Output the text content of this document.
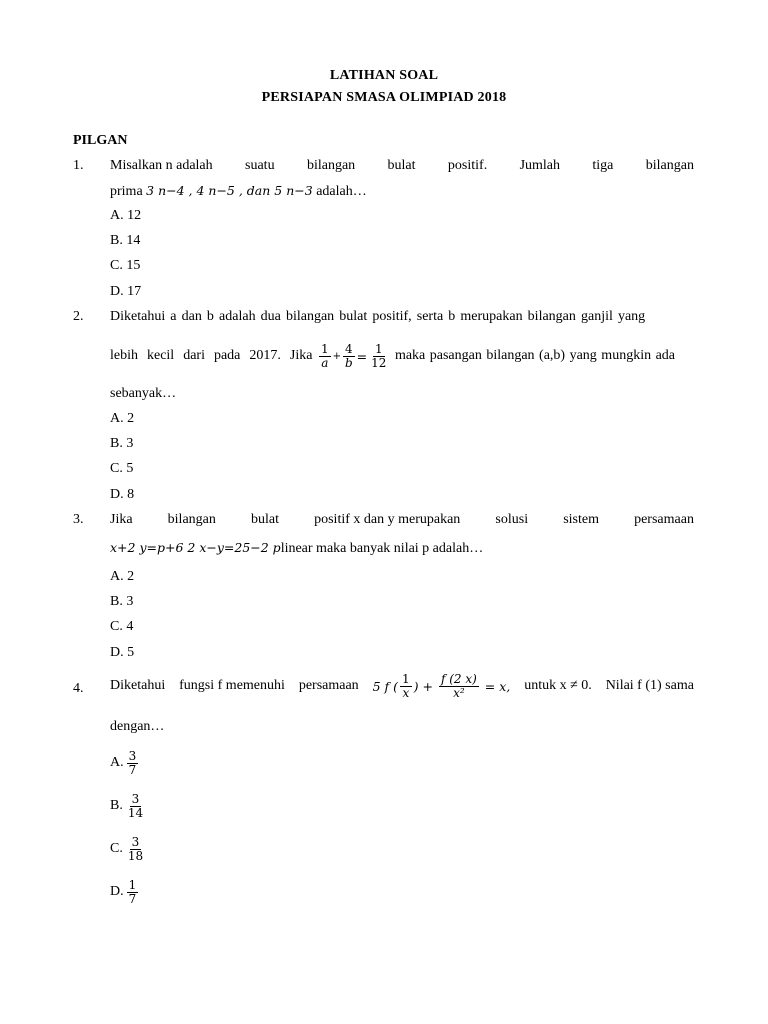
LATIHAN SOAL
PERSIAPAN SMASA OLIMPIAD 2018
PILGAN
1. Misalkan n adalah suatu bilangan bulat positif. Jumlah tiga bilangan
prima 3 n−4 , 4 n−5 , dan 5 n−3 adalah…
A. 12
B. 14
C. 15
D. 17
2. Diketahui a dan b adalah dua bilangan bulat positif, serta b merupakan bilangan ganjil yang
lebih  kecil  dari  pada  2017.  Jika $\frac{1}{a} + \frac{4}{b} = \frac{1}{12}$ maka pasangan bilangan (a,b) yang mungkin ada
sebanyak…
A. 2
B. 3
C. 5
D. 8
3. Jika	bilangan	bulat	positif x dan y merupakan	solusi	sistem	persamaan
x+2 y=p+6 2 x−y=25−2 plinear maka banyak nilai p adalah…
A. 2
B. 3
C. 4
D. 5
4. Diketahui fungsi f memenuhi persamaan 5 f ( $\frac{1}{x}$ ) + $\frac{f (2 x)}{\text{x²}} = x$, untuk x ≠ 0. Nilai f (1) sama
dengan…
A. $\frac{3}{7}$
B. $\frac{3}{14}$
C. $\frac{3}{18}$
D. $\frac{1}{7}$
